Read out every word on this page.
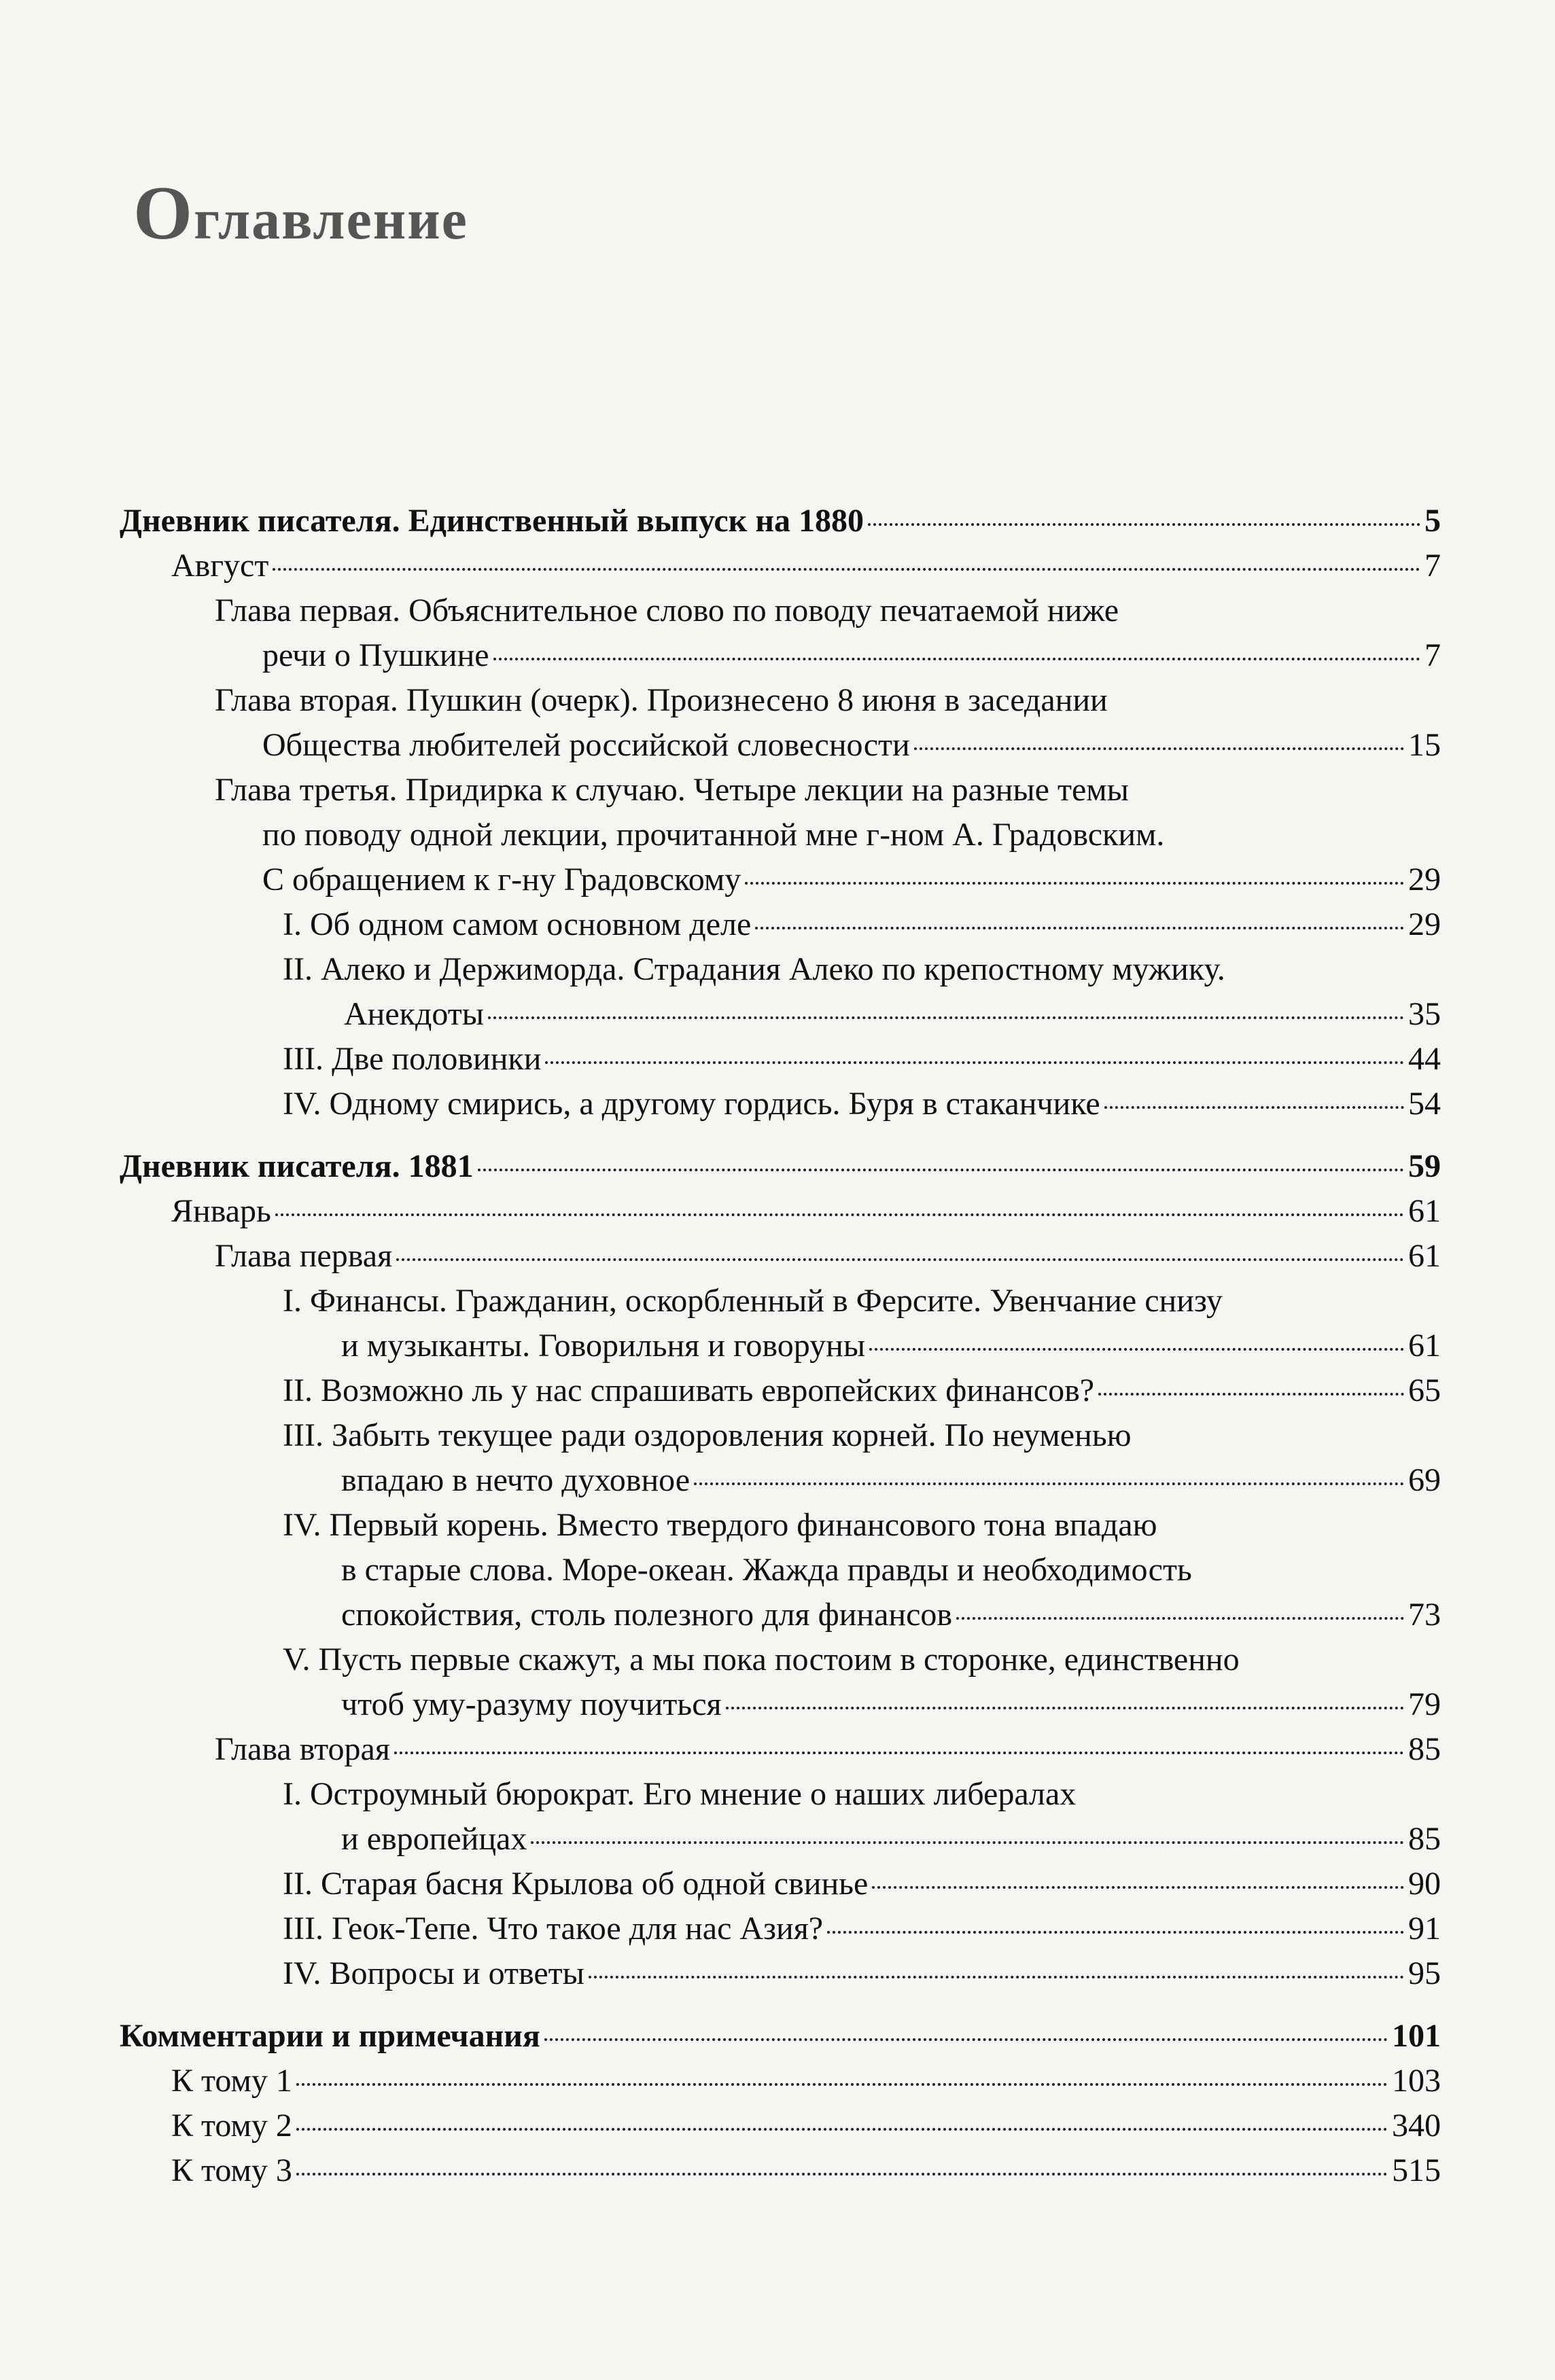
Оглавление
Дневник писателя. Единственный выпуск на 1880	5
Август	7
Глава первая. Объяснительное слово по поводу печатаемой ниже
речи о Пушкине	7
Глава вторая. Пушкин (очерк). Произнесено 8 июня в заседании
Общества любителей российской словесности	15
Глава третья. Придирка к случаю. Четыре лекции на разные темы
по поводу одной лекции, прочитанной мне г-ном А. Градовским.
С обращением к г-ну Градовскому	29
I. Об одном самом основном деле	29
II. Алеко и Держиморда. Страдания Алеко по крепостному мужику.
Анекдоты	35
III. Две половинки	44
IV. Одному смирись, а другому гордись. Буря в стаканчике	54
Дневник писателя. 1881	59
Январь	61
Глава первая	61
I. Финансы. Гражданин, оскорбленный в Ферсите. Увенчание снизу
и музыканты. Говорильня и говоруны	61
II. Возможно ль у нас спрашивать европейских финансов?	65
III. Забыть текущее ради оздоровления корней. По неуменью
впадаю в нечто духовное	69
IV. Первый корень. Вместо твердого финансового тона впадаю
в старые слова. Море-океан. Жажда правды и необходимость
спокойствия, столь полезного для финансов	73
V. Пусть первые скажут, а мы пока постоим в сторонке, единственно
чтоб уму-разуму поучиться	79
Глава вторая	85
I. Остроумный бюрократ. Его мнение о наших либералах
и европейцах	85
II. Старая басня Крылова об одной свинье	90
III. Геок-Тепе. Что такое для нас Азия?	91
IV. Вопросы и ответы	95
Комментарии и примечания	101
К тому 1	103
К тому 2	340
К тому 3	515
